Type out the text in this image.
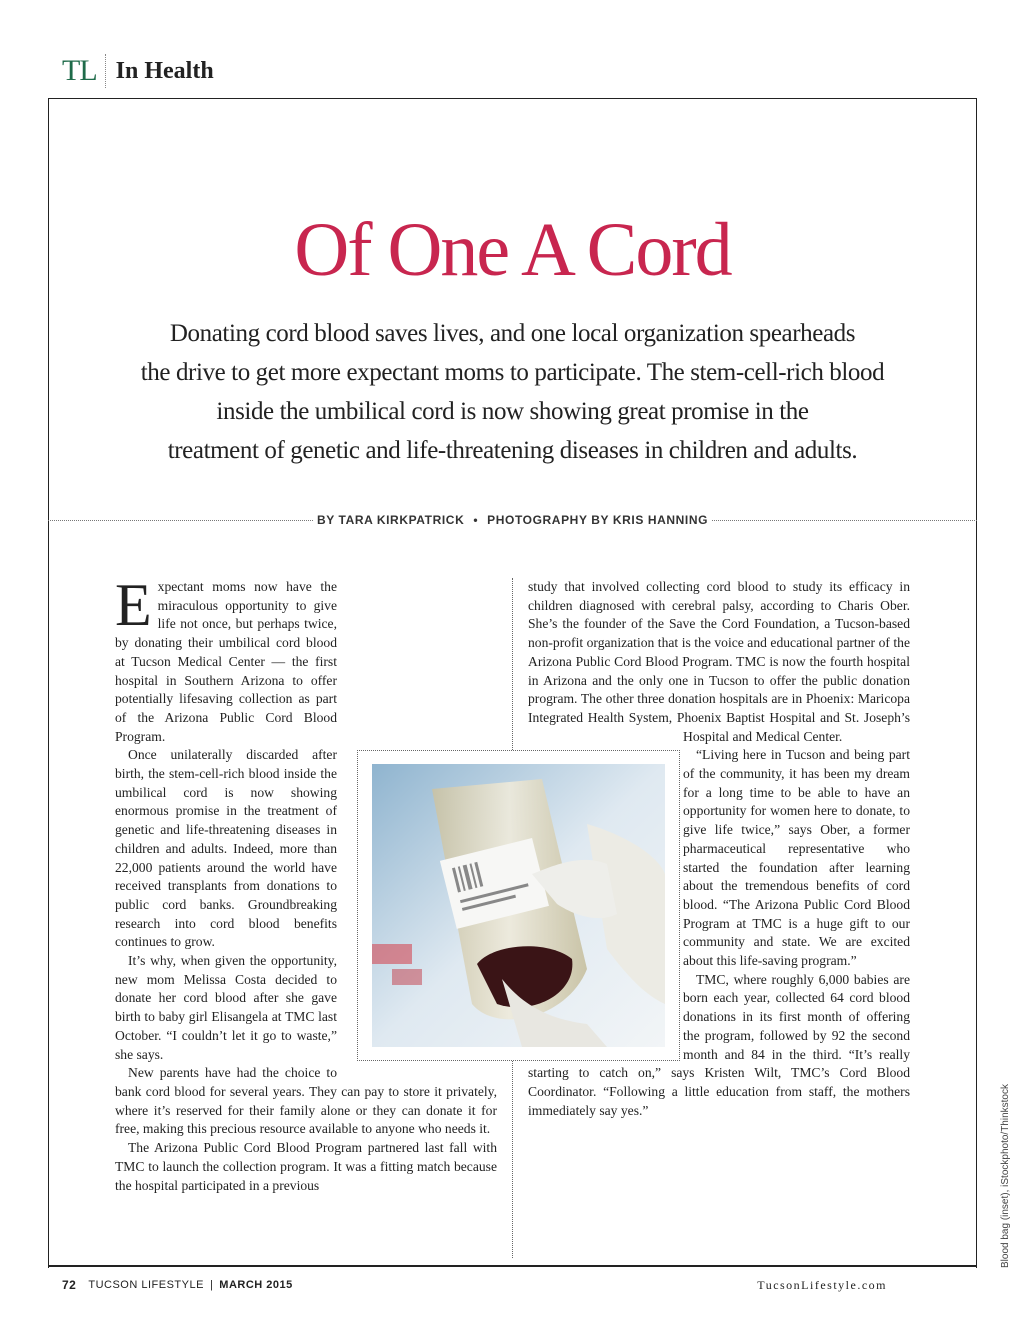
TL In Health
Of One A Cord
Donating cord blood saves lives, and one local organization spearheads
the drive to get more expectant moms to participate. The stem-cell-rich blood
inside the umbilical cord is now showing great promise in the
treatment of genetic and life-threatening diseases in children and adults.
BY TARA KIRKPATRICK • PHOTOGRAPHY BY KRIS HANNING

Expectant moms now have the miraculous opportunity to give life not once, but perhaps twice, by donating their umbilical cord blood at Tucson Medical Center — the first hospital in Southern Arizona to offer potentially lifesaving collection as part of the Arizona Public Cord Blood Program.

Once unilaterally discarded after birth, the stem-cell-rich blood inside the umbilical cord is now showing enormous promise in the treatment of genetic and life-threatening diseases in children and adults. Indeed, more than 22,000 patients around the world have received transplants from donations to public cord banks. Groundbreaking research into cord blood benefits continues to grow.

It’s why, when given the opportunity, new mom Melissa Costa decided to donate her cord blood after she gave birth to baby girl Elisangela at TMC last October. “I couldn’t let it go to waste,” she says.

New parents have had the choice to bank cord blood for several years. They can pay to store it privately, where it’s reserved for their family alone or they can donate it for free, making this precious resource available to anyone who needs it.

The Arizona Public Cord Blood Program partnered last fall with TMC to launch the collection program. It was a fitting match because the hospital participated in a previous

study that involved collecting cord blood to study its efficacy in children diagnosed with cerebral palsy, according to Charis Ober. She’s the founder of the Save the Cord Foundation, a Tucson-based non-profit organization that is the voice and educational partner of the Arizona Public Cord Blood Program. TMC is now the fourth hospital in Arizona and the only one in Tucson to offer the public donation program. The other three donation hospitals are in Phoenix: Maricopa Integrated Health System, Phoenix Baptist Hospital and St. Joseph’s Hospital and Medical Center.

“Living here in Tucson and being part of the community, it has been my dream for a long time to be able to have an opportunity for women here to donate, to give life twice,” says Ober, a former pharmaceutical representative who started the foundation after learning about the tremendous benefits of cord blood. “The Arizona Public Cord Blood Program at TMC is a huge gift to our community and state. We are excited about this life-saving program.”

TMC, where roughly 6,000 babies are born each year, collected 64 cord blood donations in its first month of offering the program, followed by 92 the second month and 84 in the third. “It’s really starting to catch on,” says Kristen Wilt, TMC’s Cord Blood Coordinator. “Following a little education from staff, the mothers immediately say yes.”	Blood bag (inset), iStockphoto/Thinkstock
72 TUCSON LIFESTYLE | MARCH 2015	TucsonLifestyle.com
